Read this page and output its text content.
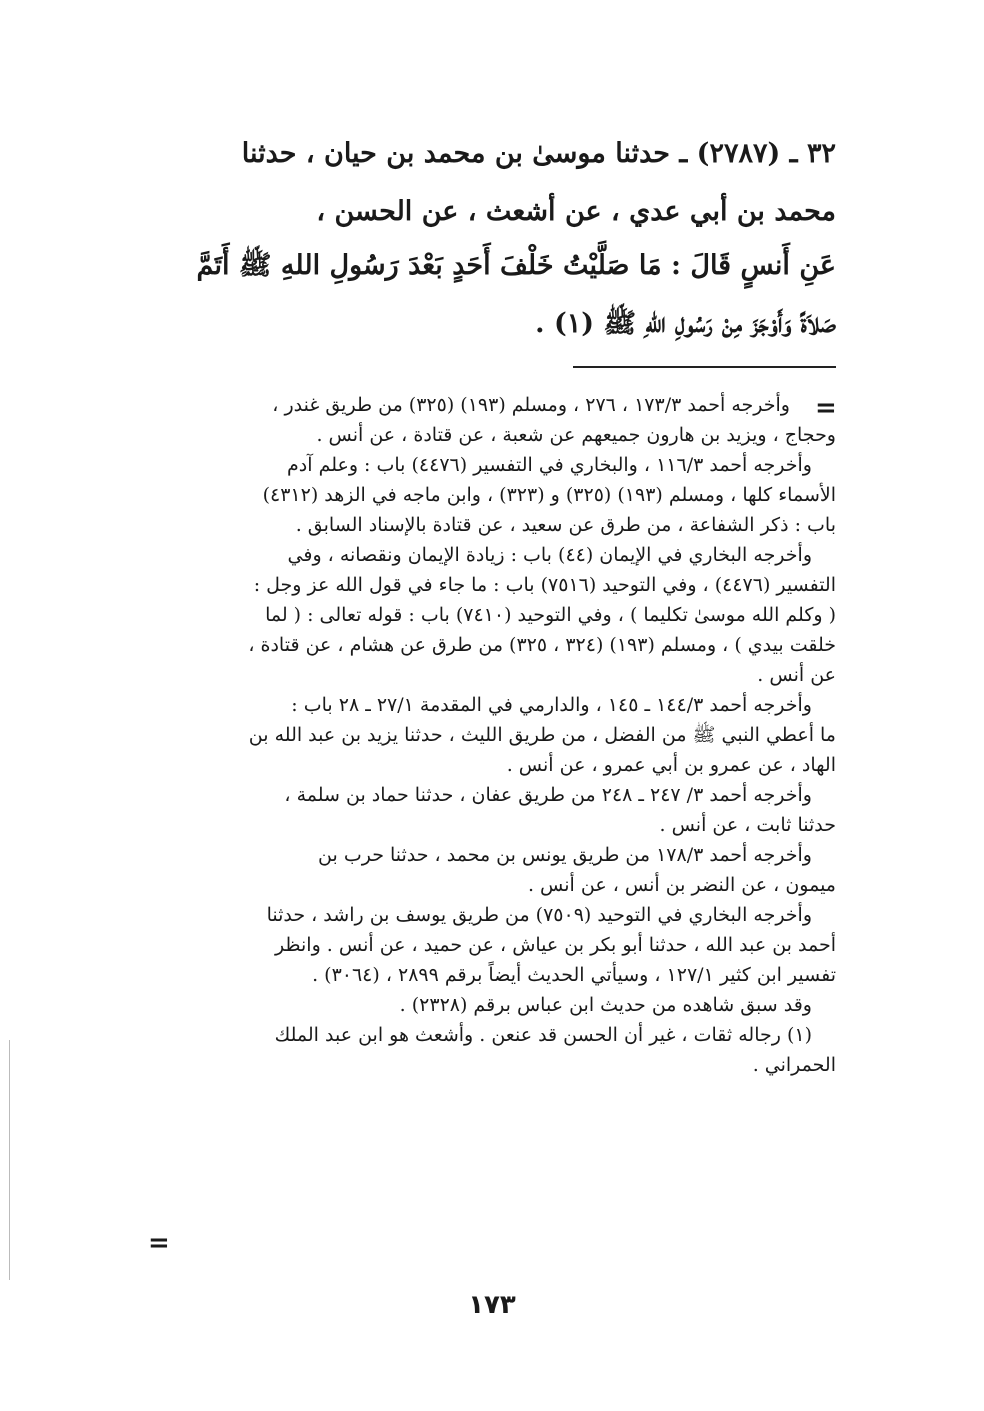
٣٢ ـ (٢٧٨٧) ـ حدثنا موسىٰ بن محمد بن حيان ، حدثنا
محمد بن أبي عدي ، عن أشعث ، عن الحسن ،
عَنِ أَنسٍ قَالَ : مَا صَلَّيْتُ خَلْفَ أَحَدٍ بَعْدَ رَسُولِ اللهِ ﷺ أَتَمَّ
صَلاَةً وَأَوْجَزَ مِنْ رَسُولِ اللهِ ﷺ (١) .
=
وأخرجه أحمد ١٧٣/٣ ، ٢٧٦ ، ومسلم (١٩٣) (٣٢٥) من طريق غندر ،
وحجاج ، ويزيد بن هارون جميعهم عن شعبة ، عن قتادة ، عن أنس .
وأخرجه أحمد ١١٦/٣ ، والبخاري في التفسير (٤٤٧٦) باب : وعلم آدم
الأسماء كلها ، ومسلم (١٩٣) (٣٢٥) و (٣٢٣) ، وابن ماجه في الزهد (٤٣١٢)
باب : ذكر الشفاعة ، من طرق عن سعيد ، عن قتادة بالإسناد السابق .
وأخرجه البخاري في الإيمان (٤٤) باب : زيادة الإيمان ونقصانه ، وفي
التفسير (٤٤٧٦) ، وفي التوحيد (٧٥١٦) باب : ما جاء في قول الله عز وجل :
( وكلم الله موسىٰ تكليما ) ، وفي التوحيد (٧٤١٠) باب : قوله تعالى : ( لما
خلقت بيدي ) ، ومسلم (١٩٣) (٣٢٤ ، ٣٢٥) من طرق عن هشام ، عن قتادة ،
عن أنس .
وأخرجه أحمد ١٤٤/٣ ـ ١٤٥ ، والدارمي في المقدمة ٢٧/١ ـ ٢٨ باب :
ما أعطي النبي ﷺ من الفضل ، من طريق الليث ، حدثنا يزيد بن عبد الله بن
الهاد ، عن عمرو بن أبي عمرو ، عن أنس .
وأخرجه أحمد ٣/ ٢٤٧ ـ ٢٤٨ من طريق عفان ، حدثنا حماد بن سلمة ،
حدثنا ثابت ، عن أنس .
وأخرجه أحمد ١٧٨/٣ من طريق يونس بن محمد ، حدثنا حرب بن
ميمون ، عن النضر بن أنس ، عن أنس .
وأخرجه البخاري في التوحيد (٧٥٠٩) من طريق يوسف بن راشد ، حدثنا
أحمد بن عبد الله ، حدثنا أبو بكر بن عياش ، عن حميد ، عن أنس . وانظر
تفسير ابن كثير ١٢٧/١ ، وسيأتي الحديث أيضاً برقم ٢٨٩٩ ، (٣٠٦٤) .
وقد سبق شاهده من حديث ابن عباس برقم (٢٣٢٨) .
(١) رجاله ثقات ، غير أن الحسن قد عنعن . وأشعث هو ابن عبد الملك
الحمراني .
=
١٧٣
